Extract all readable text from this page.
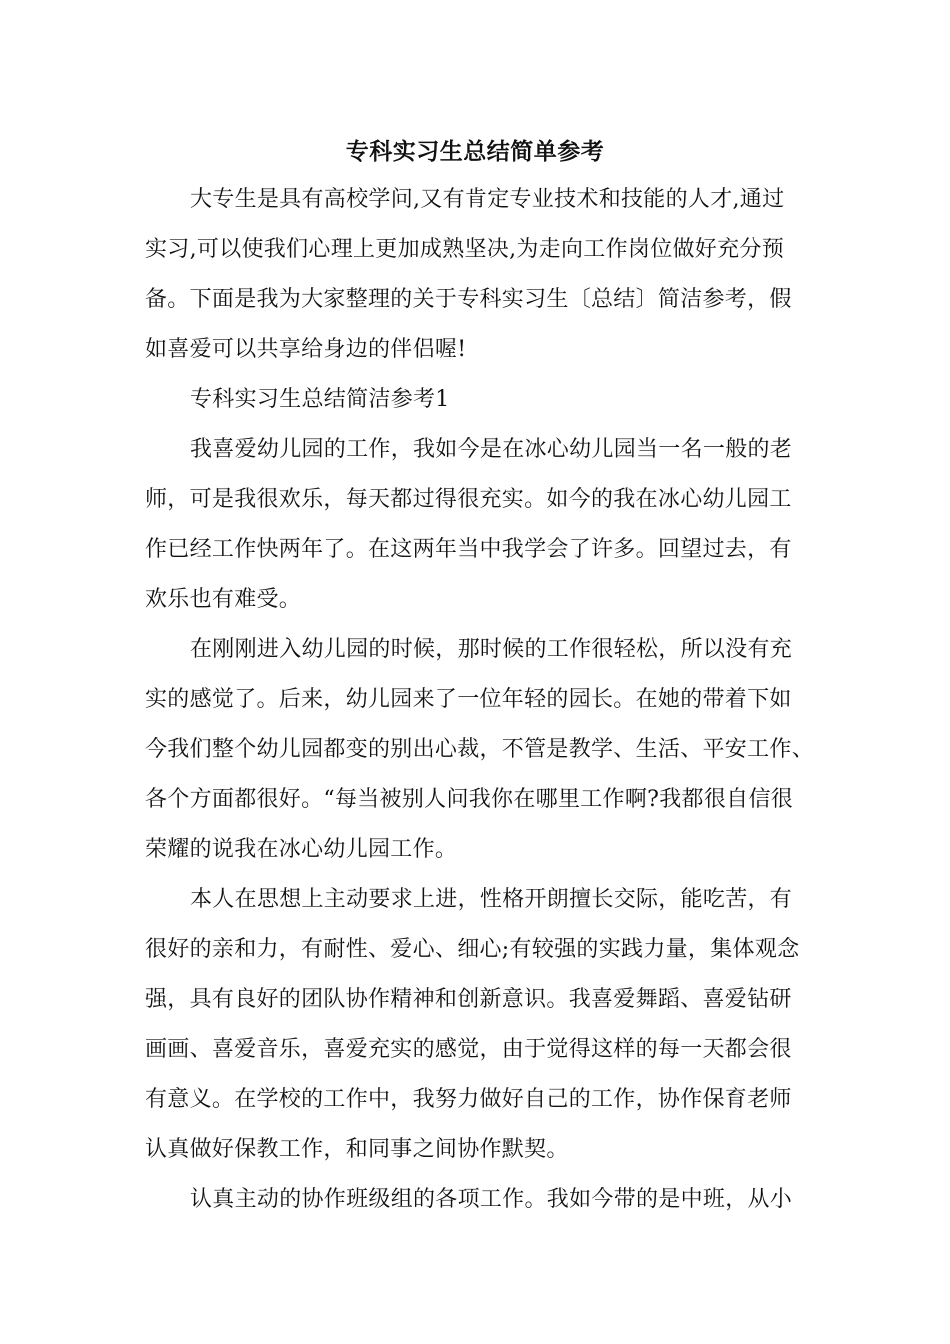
专科实习生总结简单参考
大专生是具有高校学问,又有肯定专业技术和技能的人才,通过
实习,可以使我们心理上更加成熟坚决,为走向工作岗位做好充分预
备。下面是我为大家整理的关于专科实习生〔总结〕简洁参考，假
如喜爱可以共享给身边的伴侣喔!
专科实习生总结简洁参考1
我喜爱幼儿园的工作，我如今是在冰心幼儿园当一名一般的老
师，可是我很欢乐，每天都过得很充实。如今的我在冰心幼儿园工
作已经工作快两年了。在这两年当中我学会了许多。回望过去，有
欢乐也有难受。
在刚刚进入幼儿园的时候，那时候的工作很轻松，所以没有充
实的感觉了。后来，幼儿园来了一位年轻的园长。在她的带着下如
今我们整个幼儿园都变的别出心裁，不管是教学、生活、平安工作、
各个方面都很好。“每当被别人问我你在哪里工作啊?我都很自信很
荣耀的说我在冰心幼儿园工作。
本人在思想上主动要求上进，性格开朗擅长交际，能吃苦，有
很好的亲和力，有耐性、爱心、细心;有较强的实践力量，集体观念
强，具有良好的团队协作精神和创新意识。我喜爱舞蹈、喜爱钻研
画画、喜爱音乐，喜爱充实的感觉，由于觉得这样的每一天都会很
有意义。在学校的工作中，我努力做好自己的工作，协作保育老师
认真做好保教工作，和同事之间协作默契。
认真主动的协作班级组的各项工作。我如今带的是中班，从小
